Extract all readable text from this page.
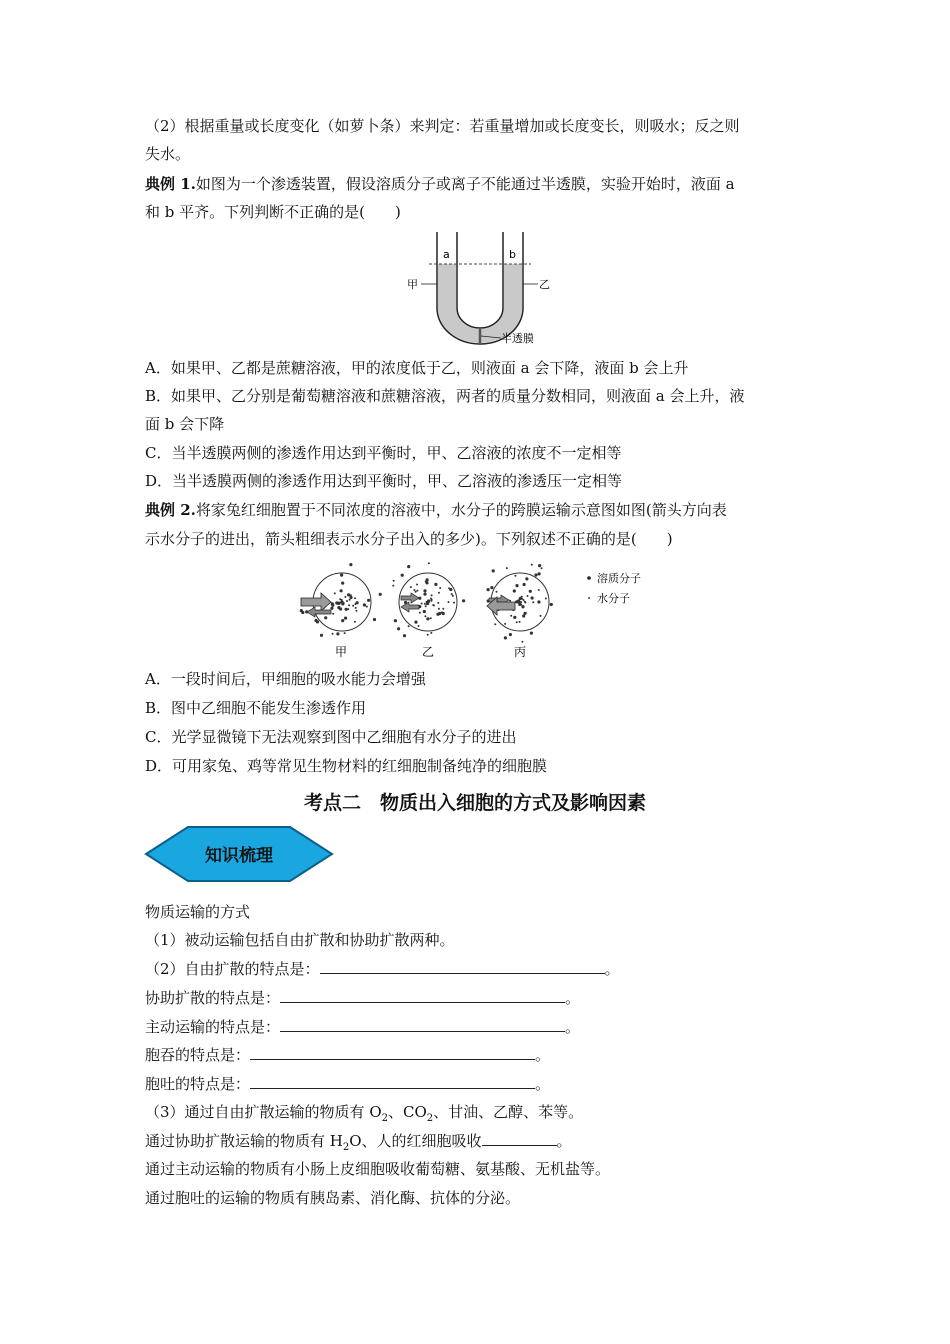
（2）根据重量或长度变化（如萝卜条）来判定：若重量增加或长度变长，则吸水；反之则
失水。
典例 1.如图为一个渗透装置，假设溶质分子或离子不能通过半透膜，实验开始时，液面 a
和 b 平齐。下列判断不正确的是(　　)
a	b
甲	乙
半透膜
A．如果甲、乙都是蔗糖溶液，甲的浓度低于乙，则液面 a 会下降，液面 b 会上升
B．如果甲、乙分别是葡萄糖溶液和蔗糖溶液，两者的质量分数相同，则液面 a 会上升，液
面 b 会下降
C．当半透膜两侧的渗透作用达到平衡时，甲、乙溶液的浓度不一定相等
D．当半透膜两侧的渗透作用达到平衡时，甲、乙溶液的渗透压一定相等
典例 2.将家兔红细胞置于不同浓度的溶液中，水分子的跨膜运输示意图如图(箭头方向表
示水分子的进出，箭头粗细表示水分子出入的多少)。下列叙述不正确的是(　　)
溶质分子
水分子
甲	乙	丙
A．一段时间后，甲细胞的吸水能力会增强
B．图中乙细胞不能发生渗透作用
C．光学显微镜下无法观察到图中乙细胞有水分子的进出
D．可用家兔、鸡等常见生物材料的红细胞制备纯净的细胞膜
考点二　物质出入细胞的方式及影响因素
知识梳理
物质运输的方式
（1）被动运输包括自由扩散和协助扩散两种。
（2）自由扩散的特点是：	。
协助扩散的特点是：	。
主动运输的特点是：	。
胞吞的特点是：	。
胞吐的特点是：	。
（3）通过自由扩散运输的物质有 $O_2$、$CO_2$、甘油、乙醇、苯等。
通过协助扩散运输的物质有 $H_2O$、人的红细胞吸收	。
通过主动运输的物质有小肠上皮细胞吸收葡萄糖、氨基酸、无机盐等。
通过胞吐的运输的物质有胰岛素、消化酶、抗体的分泌。
